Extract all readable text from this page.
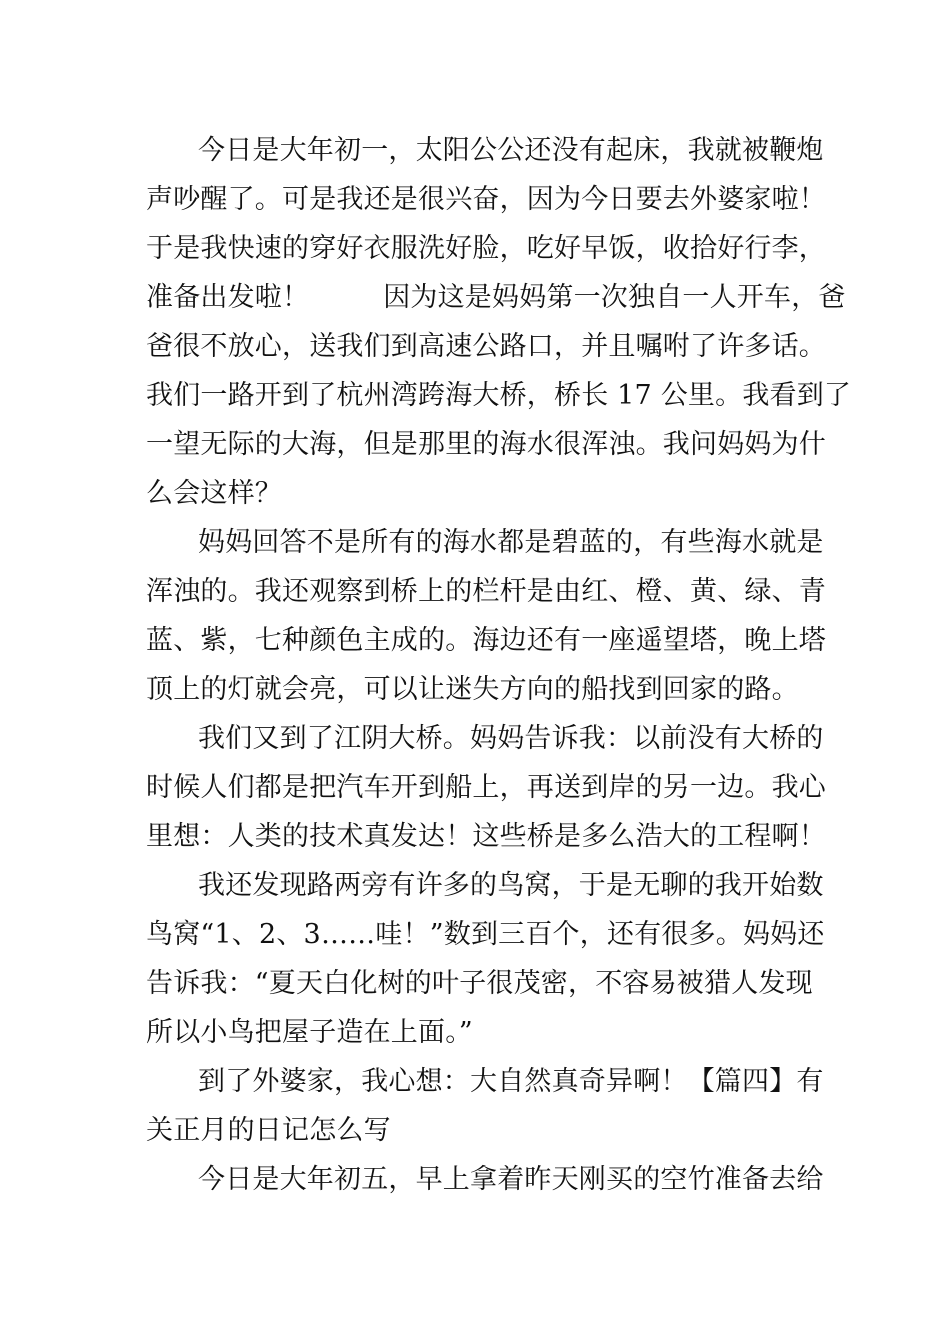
今日是大年初一，太阳公公还没有起床，我就被鞭炮
声吵醒了。可是我还是很兴奋，因为今日要去外婆家啦！
于是我快速的穿好衣服洗好脸，吃好早饭，收拾好行李，
准备出发啦！	因为这是妈妈第一次独自一人开车，爸
爸很不放心，送我们到高速公路口，并且嘱咐了许多话。
我们一路开到了杭州湾跨海大桥，桥长 17 公里。我看到了
一望无际的大海，但是那里的海水很浑浊。我问妈妈为什
么会这样？
妈妈回答不是所有的海水都是碧蓝的，有些海水就是
浑浊的。我还观察到桥上的栏杆是由红、橙、黄、绿、青
蓝、紫，七种颜色主成的。海边还有一座遥望塔，晚上塔
顶上的灯就会亮，可以让迷失方向的船找到回家的路。
我们又到了江阴大桥。妈妈告诉我：以前没有大桥的
时候人们都是把汽车开到船上，再送到岸的另一边。我心
里想：人类的技术真发达！这些桥是多么浩大的工程啊！
我还发现路两旁有许多的鸟窝，于是无聊的我开始数
鸟窝“1、2、3……哇！”数到三百个，还有很多。妈妈还
告诉我：“夏天白化树的叶子很茂密，不容易被猎人发现
所以小鸟把屋子造在上面。”
到了外婆家，我心想：大自然真奇异啊！【篇四】有
关正月的日记怎么写
今日是大年初五，早上拿着昨天刚买的空竹准备去给
